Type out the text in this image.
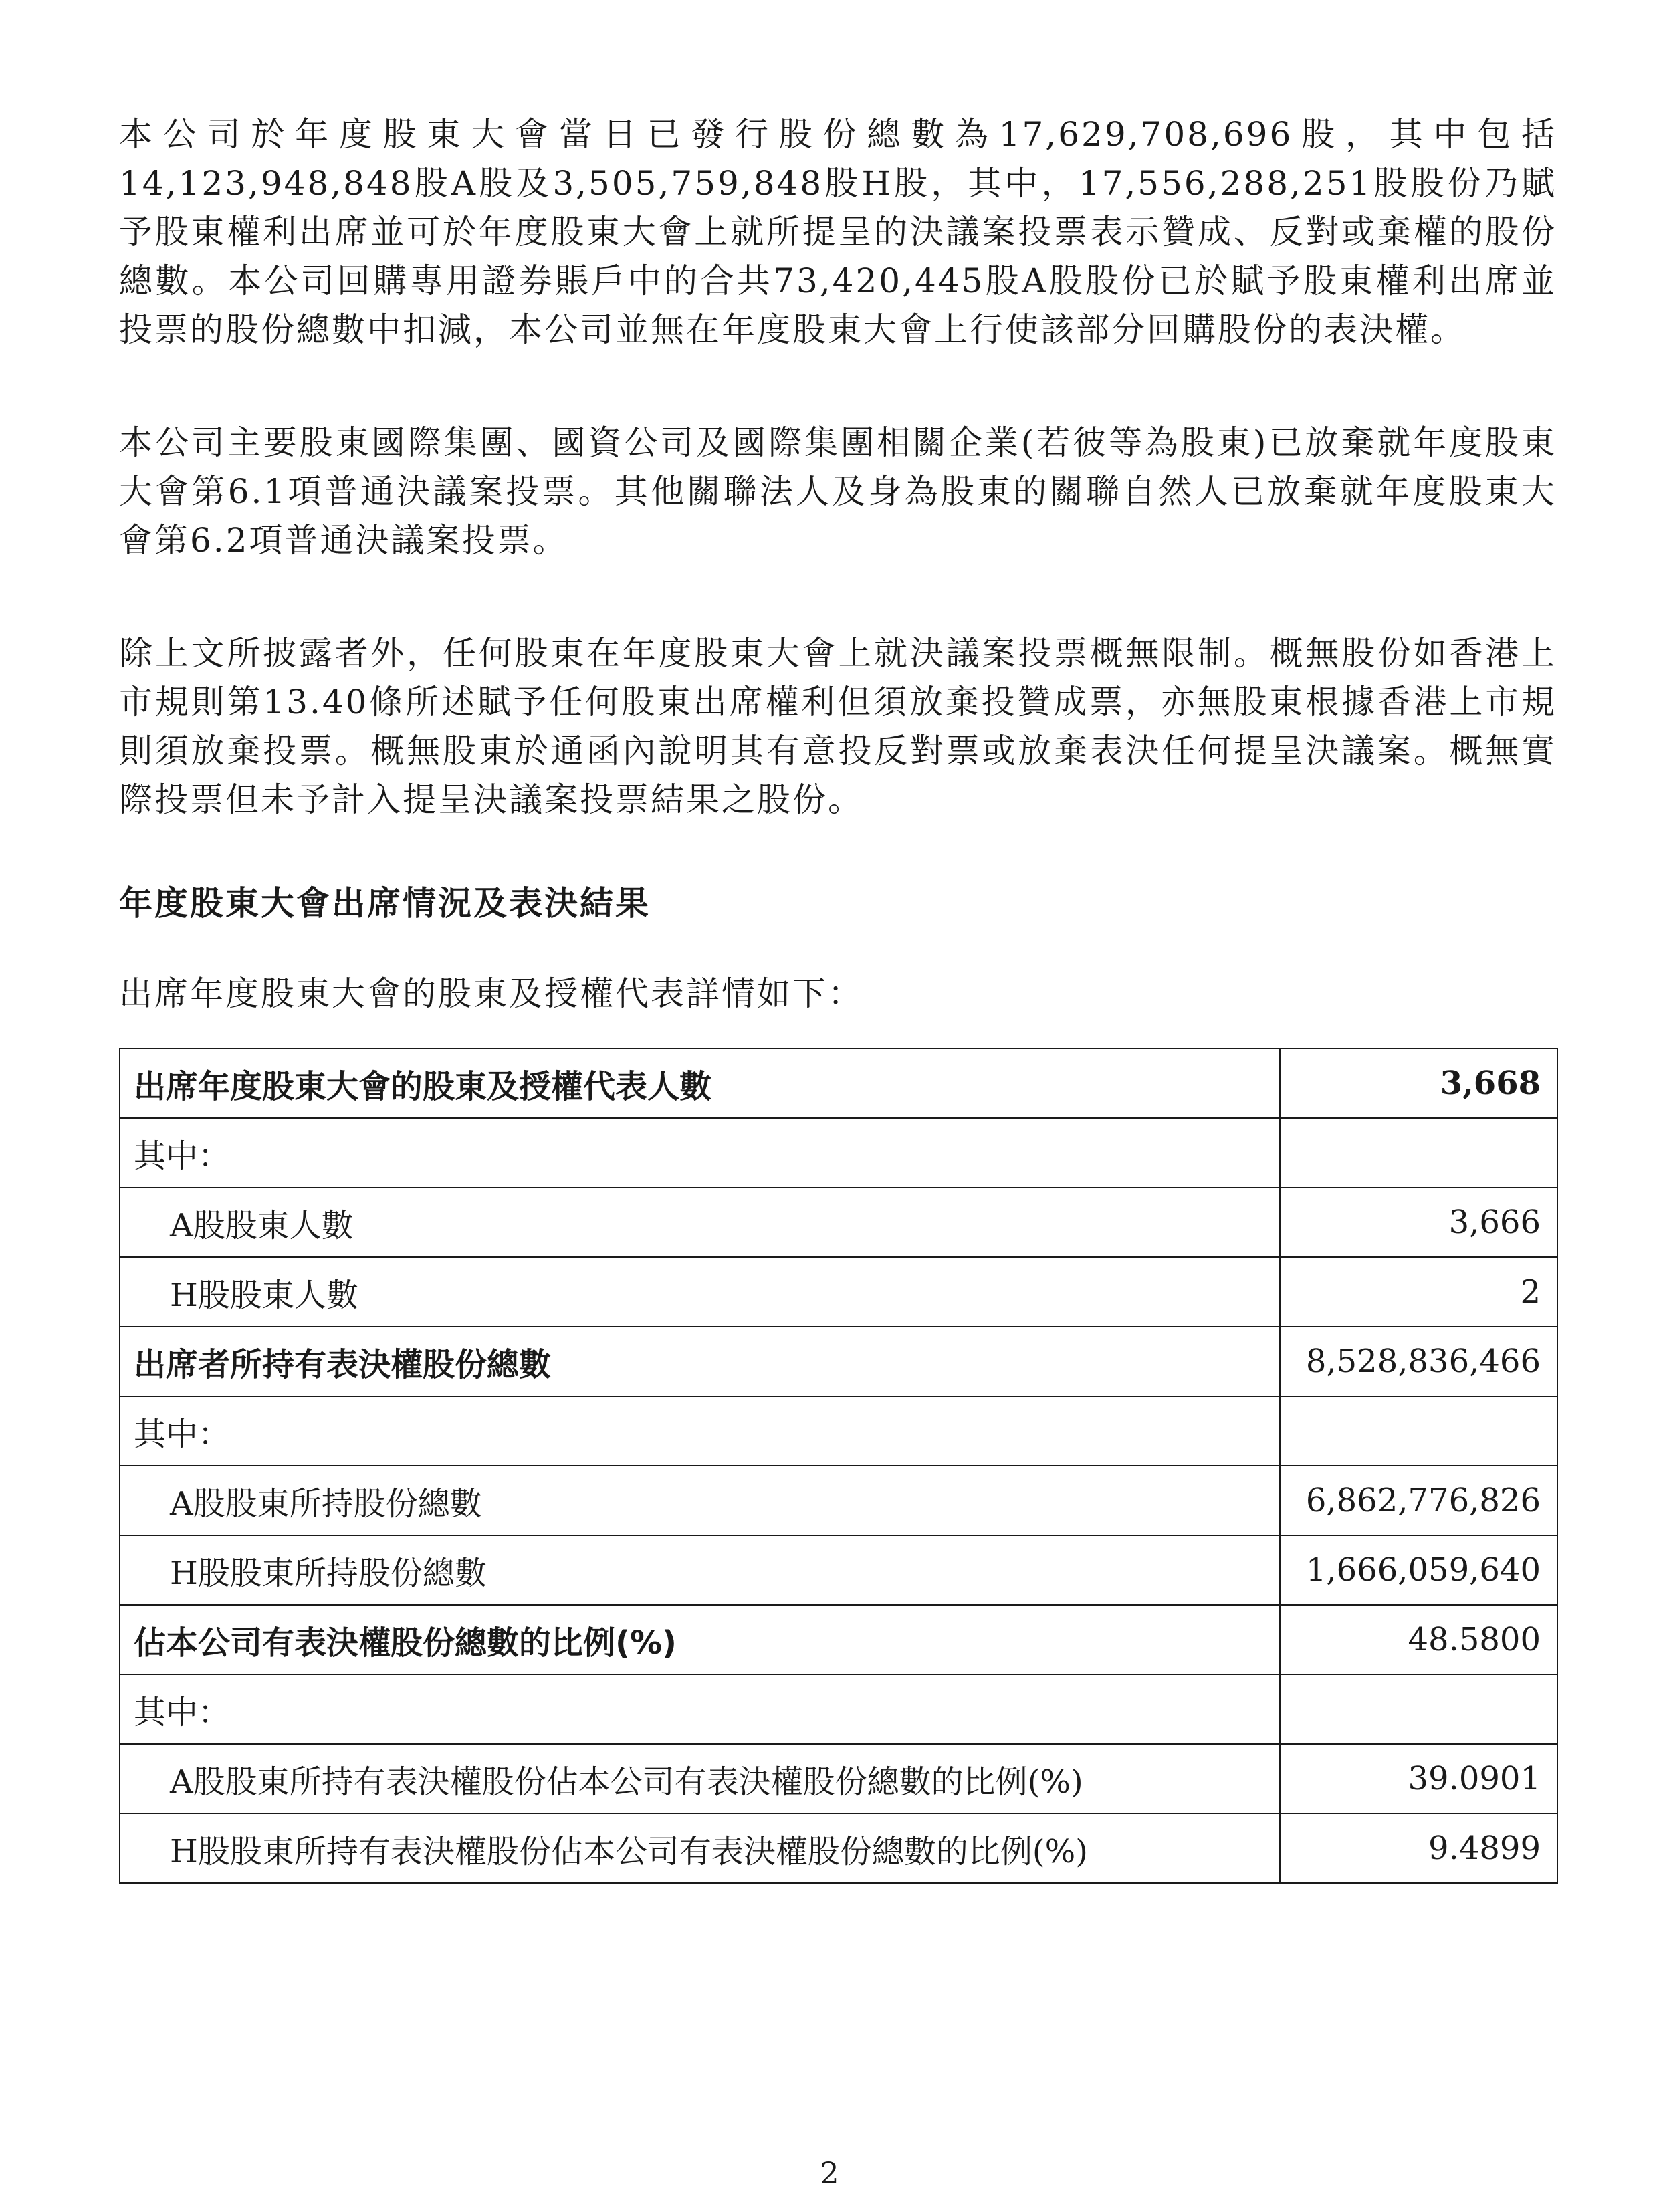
本公司於年度股東大會當日已發行股份總數為17,629,708,696股，其中包括14,123,948,848股A股及3,505,759,848股H股，其中，17,556,288,251股股份乃賦予股東權利出席並可於年度股東大會上就所提呈的決議案投票表示贊成、反對或棄權的股份總數。本公司回購專用證券賬戶中的合共73,420,445股A股股份已於賦予股東權利出席並投票的股份總數中扣減，本公司並無在年度股東大會上行使該部分回購股份的表決權。

本公司主要股東國際集團、國資公司及國際集團相關企業(若彼等為股東)已放棄就年度股東大會第6.1項普通決議案投票。其他關聯法人及身為股東的關聯自然人已放棄就年度股東大會第6.2項普通決議案投票。

除上文所披露者外，任何股東在年度股東大會上就決議案投票概無限制。概無股份如香港上市規則第13.40條所述賦予任何股東出席權利但須放棄投贊成票，亦無股東根據香港上市規則須放棄投票。概無股東於通函內說明其有意投反對票或放棄表決任何提呈決議案。概無實際投票但未予計入提呈決議案投票結果之股份。

年度股東大會出席情況及表決結果

出席年度股東大會的股東及授權代表詳情如下：

出席年度股東大會的股東及授權代表人數	3,668
其中：	
A股股東人數	3,666
H股股東人數	2
出席者所持有表決權股份總數	8,528,836,466
其中：	
A股股東所持股份總數	6,862,776,826
H股股東所持股份總數	1,666,059,640
佔本公司有表決權股份總數的比例(%)	48.5800
其中：	
A股股東所持有表決權股份佔本公司有表決權股份總數的比例(%)	39.0901
H股股東所持有表決權股份佔本公司有表決權股份總數的比例(%)	9.4899
2
